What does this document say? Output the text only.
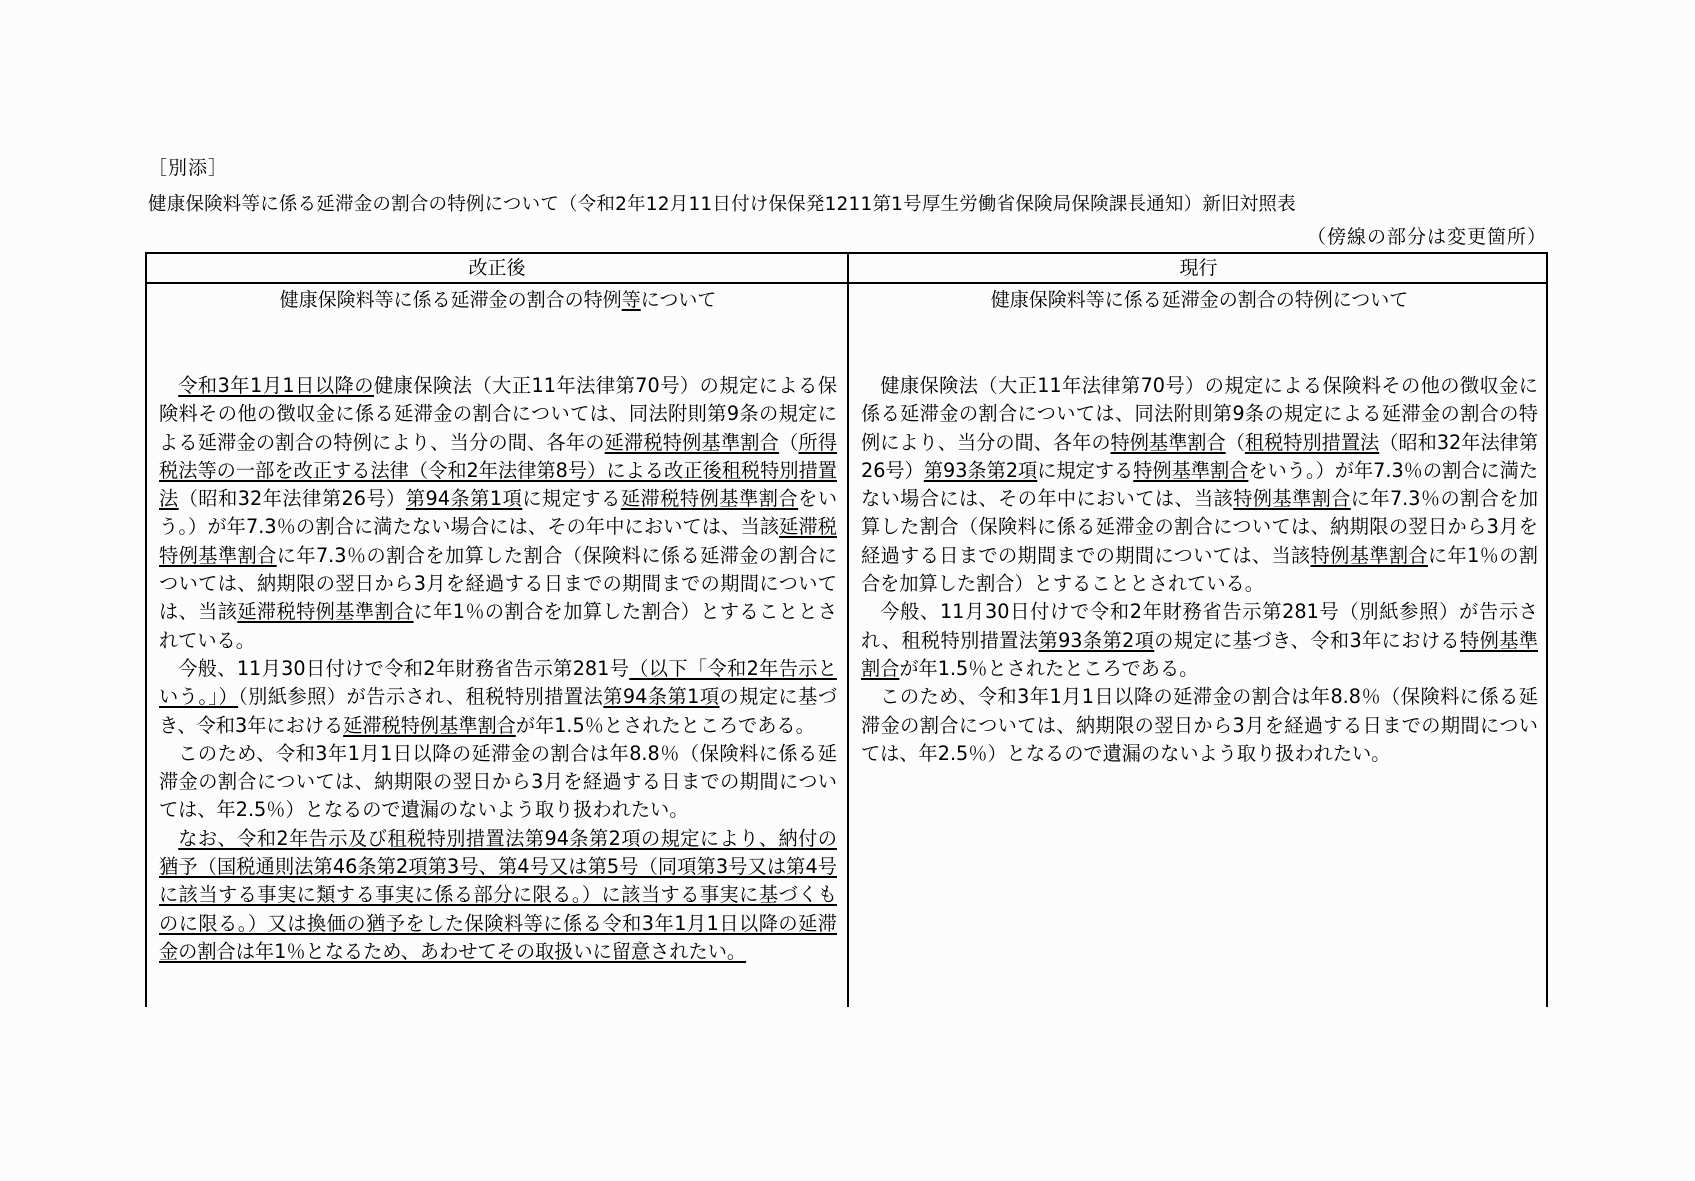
［別添］
健康保険料等に係る延滞金の割合の特例について（令和2年12月11日付け保保発1211第1号厚生労働省保険局保険課長通知）新旧対照表
（傍線の部分は変更箇所）
改正後	現行
健康保険料等に係る延滞金の割合の特例等について

令和3年1月1日以降の健康保険法（大正11年法律第70号）の規定による保険料その他の徴収金に係る延滞金の割合については、同法附則第9条の規定による延滞金の割合の特例により、当分の間、各年の延滞税特例基準割合（所得税法等の一部を改正する法律（令和2年法律第8号）による改正後租税特別措置法（昭和32年法律第26号）第94条第1項に規定する延滞税特例基準割合をいう。）が年7.3％の割合に満たない場合には、その年中においては、当該延滞税特例基準割合に年7.3％の割合を加算した割合（保険料に係る延滞金の割合については、納期限の翌日から3月を経過する日までの期間までの期間については、当該延滞税特例基準割合に年1％の割合を加算した割合）とすることとされている。

今般、11月30日付けで令和2年財務省告示第281号（以下「令和2年告示という。」）（別紙参照）が告示され、租税特別措置法第94条第1項の規定に基づき、令和3年における延滞税特例基準割合が年1.5％とされたところである。

このため、令和3年1月1日以降の延滞金の割合は年8.8％（保険料に係る延滞金の割合については、納期限の翌日から3月を経過する日までの期間については、年2.5％）となるので遺漏のないよう取り扱われたい。

なお、令和2年告示及び租税特別措置法第94条第2項の規定により、納付の猶予（国税通則法第46条第2項第3号、第4号又は第5号（同項第3号又は第4号に該当する事実に類する事実に係る部分に限る。）に該当する事実に基づくものに限る。）又は換価の猶予をした保険料等に係る令和3年1月1日以降の延滞金の割合は年1％となるため、あわせてその取扱いに留意されたい。

健康保険料等に係る延滞金の割合の特例について

健康保険法（大正11年法律第70号）の規定による保険料その他の徴収金に係る延滞金の割合については、同法附則第9条の規定による延滞金の割合の特例により、当分の間、各年の特例基準割合（租税特別措置法（昭和32年法律第26号）第93条第2項に規定する特例基準割合をいう。）が年7.3％の割合に満たない場合には、その年中においては、当該特例基準割合に年7.3％の割合を加算した割合（保険料に係る延滞金の割合については、納期限の翌日から3月を経過する日までの期間までの期間については、当該特例基準割合に年1％の割合を加算した割合）とすることとされている。

今般、11月30日付けで令和2年財務省告示第281号（別紙参照）が告示され、租税特別措置法第93条第2項の規定に基づき、令和3年における特例基準割合が年1.5％とされたところである。

このため、令和3年1月1日以降の延滞金の割合は年8.8％（保険料に係る延滞金の割合については、納期限の翌日から3月を経過する日までの期間については、年2.5％）となるので遺漏のないよう取り扱われたい。
